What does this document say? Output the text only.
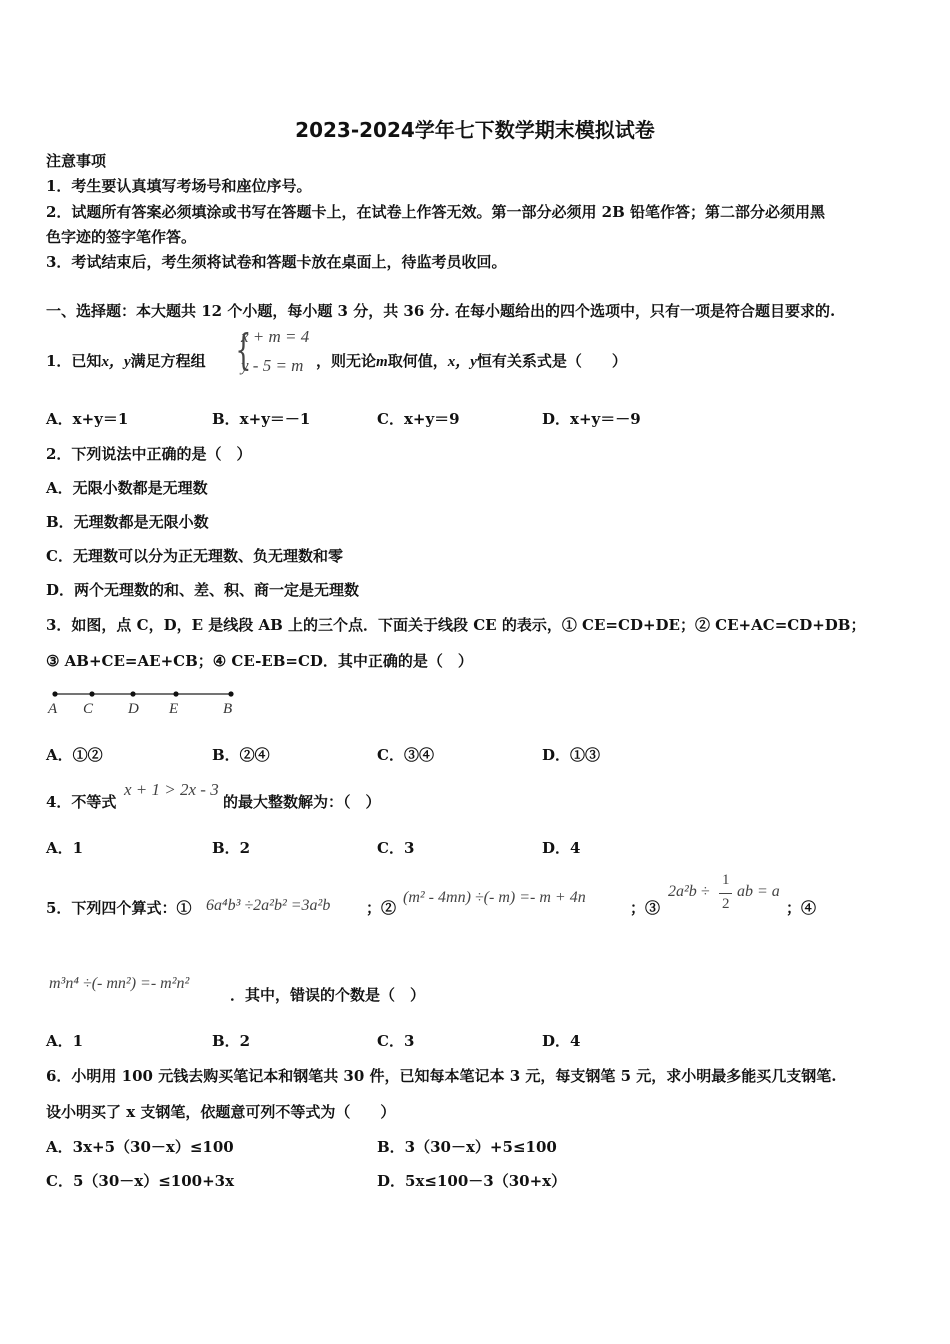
2023-2024学年七下数学期末模拟试卷
注意事项
1．考生要认真填写考场号和座位序号。
2．试题所有答案必须填涂或书写在答题卡上，在试卷上作答无效。第一部分必须用 2B 铅笔作答；第二部分必须用黑
色字迹的签字笔作答。
3．考试结束后，考生须将试卷和答题卡放在桌面上，待监考员收回。
一、选择题：本大题共 12 个小题，每小题 3 分，共 36 分. 在每小题给出的四个选项中，只有一项是符合题目要求的.
1．已知x，y满足方程组 {
x + m = 4
y - 5 = m ，则无论m取何值，x，y恒有关系式是（　　）
A．x+y＝1	B．x+y＝－1	C．x+y＝9	D．x+y＝－9
2．下列说法中正确的是（　）
A．无限小数都是无理数
B．无理数都是无限小数
C．无理数可以分为正无理数、负无理数和零
D．两个无理数的和、差、积、商一定是无理数
3．如图，点 C，D，E 是线段 AB 上的三个点．下面关于线段 CE 的表示，① CE=CD+DE；② CE+AC=CD+DB；
③ AB+CE=AE+CB；④ CE-EB=CD．其中正确的是（　）
A C D E	B
A．①②	B．②④	C．③④	D．①③
4．不等式
x + 1 > 2x - 3
的最大整数解为：（　）
A．1	B．2	C．3	D．4
5．下列四个算式：① 6a⁴b³ ÷2a²b² =3a²b ；②
(m² - 4mn) ÷(- m) =- m + 4n
；③
2a²b ÷
1
2
ab = a
；④
m³n⁴ ÷(- mn²) =- m²n²
．其中，错误的个数是（　）
A．1	B．2	C．3	D．4
6．小明用 100 元钱去购买笔记本和钢笔共 30 件，已知每本笔记本 3 元，每支钢笔 5 元，求小明最多能买几支钢笔.
设小明买了 x 支钢笔，依题意可列不等式为（　　）
A．3x+5（30－x）≤100	B．3（30－x）+5≤100
C．5（30－x）≤100+3x	D．5x≤100－3（30+x）
